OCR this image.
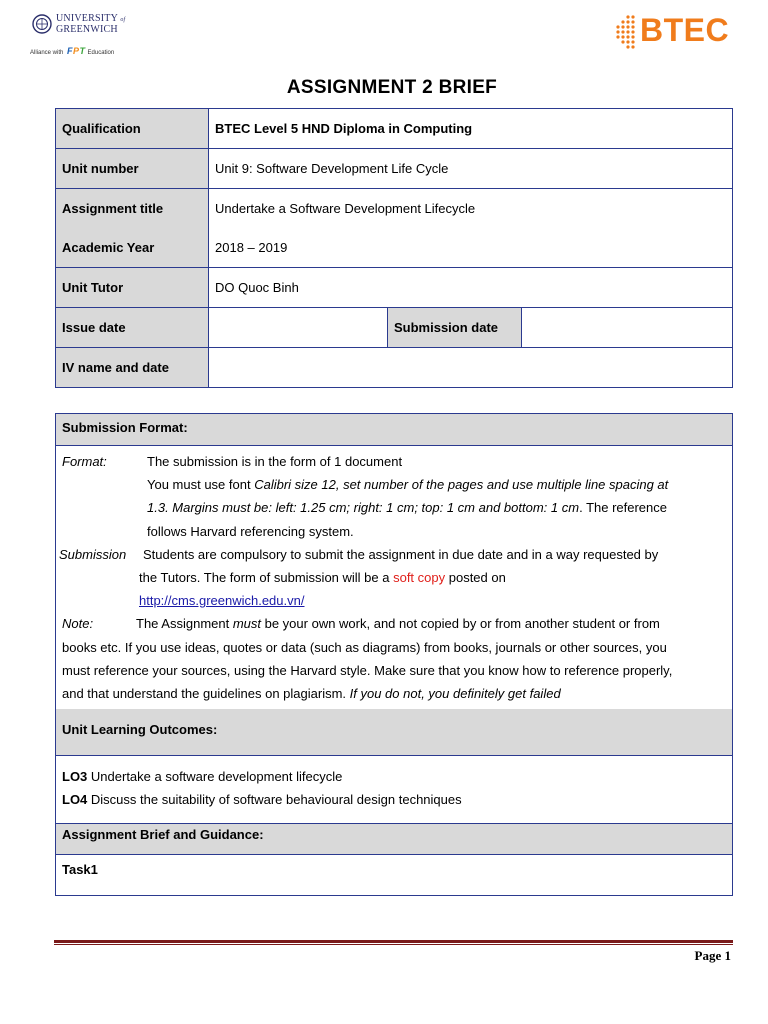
UNIVERSITY of
GREENWICH
Alliance with FPT Education
BTEC
ASSIGNMENT 2 BRIEF
Qualification	BTEC Level 5 HND Diploma in Computing		
Unit number	Unit 9: Software Development Life Cycle		
Assignment title	Undertake a Software Development Lifecycle		
Academic Year	2018 – 2019		
Unit Tutor	DO Quoc Binh		
Issue date		Submission date	
IV name and date			
Submission Format:
Format:	The submission is in the form of 1 document
You must use font Calibri size 12, set number of the pages and use multiple line spacing at
1.3. Margins must be: left: 1.25 cm; right: 1 cm; top: 1 cm and bottom: 1 cm. The reference
follows Harvard referencing system.
Submission Students are compulsory to submit the assignment in due date and in a way requested by
the Tutors. The form of submission will be a soft copy posted on
http://cms.greenwich.edu.vn/
Note:	The Assignment must be your own work, and not copied by or from another student or from
books etc. If you use ideas, quotes or data (such as diagrams) from books, journals or other sources, you
must reference your sources, using the Harvard style. Make sure that you know how to reference properly,
and that understand the guidelines on plagiarism. If you do not, you definitely get failed
Unit Learning Outcomes:
LO3 Undertake a software development lifecycle
LO4 Discuss the suitability of software behavioural design techniques
Assignment Brief and Guidance:
Task1
Page 1
